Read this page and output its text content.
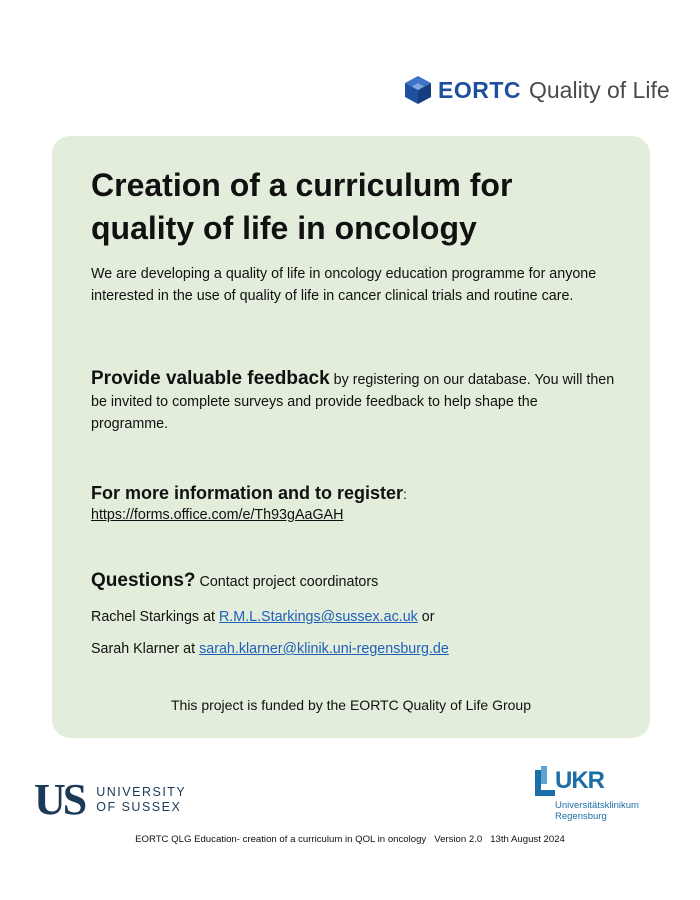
EORTC Quality of Life
Creation of a curriculum for
quality of life in oncology

We are developing a quality of life in oncology education programme for anyone interested in the use of quality of life in cancer clinical trials and routine care.

Provide valuable feedback by registering on our database. You will then be invited to complete surveys and provide feedback to help shape the programme.

For more information and to register:
https://forms.office.com/e/Th93gAaGAH

Questions? Contact project coordinators

Rachel Starkings at R.M.L.Starkings@sussex.ac.uk or

Sarah Klarner at sarah.klarner@klinik.uni-regensburg.de

This project is funded by the EORTC Quality of Life Group

US UNIVERSITY
OF SUSSEX
UKR
Universitätsklinikum
Regensburg

EORTC QLG Education- creation of a curriculum in QOL in oncology   Version 2.0   13th August 2024
